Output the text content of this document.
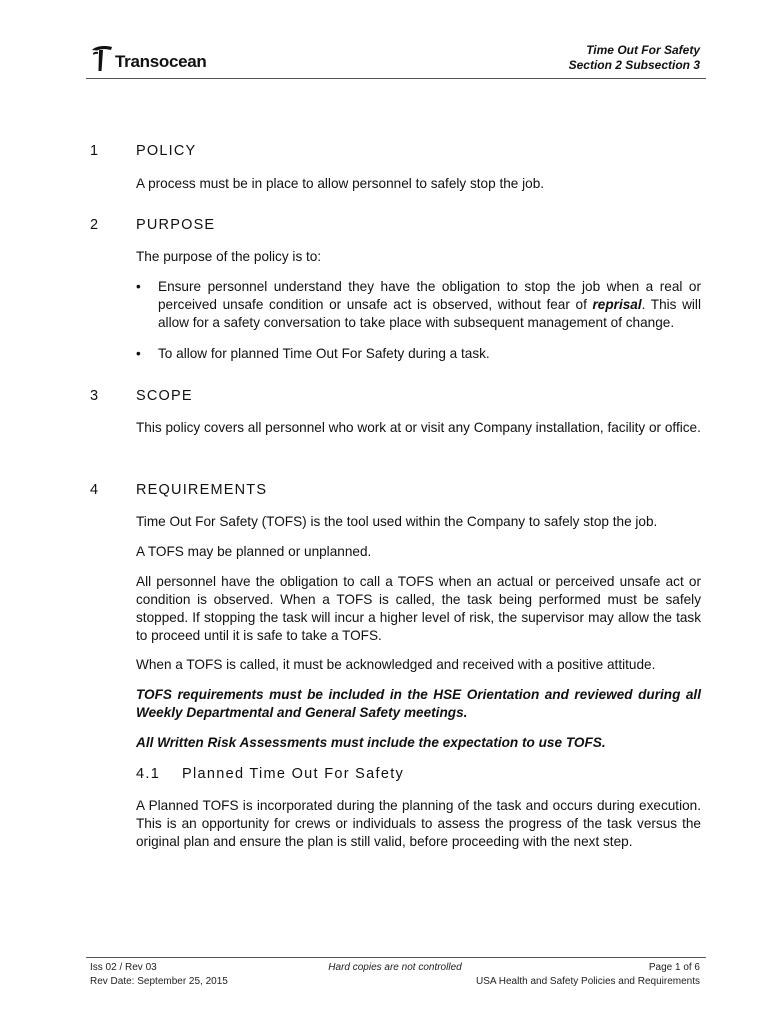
Transocean
Time Out For Safety
Section 2 Subsection 3
1	POLICY
A process must be in place to allow personnel to safely stop the job.
2	PURPOSE
The purpose of the policy is to:
• Ensure personnel understand they have the obligation to stop the job when a real or perceived unsafe condition or unsafe act is observed, without fear of reprisal. This will allow for a safety conversation to take place with subsequent management of change.
• To allow for planned Time Out For Safety during a task.
3	SCOPE
This policy covers all personnel who work at or visit any Company installation, facility or office.
4	REQUIREMENTS
Time Out For Safety (TOFS) is the tool used within the Company to safely stop the job.
A TOFS may be planned or unplanned.
All personnel have the obligation to call a TOFS when an actual or perceived unsafe act or condition is observed. When a TOFS is called, the task being performed must be safely stopped. If stopping the task will incur a higher level of risk, the supervisor may allow the task to proceed until it is safe to take a TOFS.
When a TOFS is called, it must be acknowledged and received with a positive attitude.
TOFS requirements must be included in the HSE Orientation and reviewed during all Weekly Departmental and General Safety meetings.
All Written Risk Assessments must include the expectation to use TOFS.
4.1 Planned Time Out For Safety
A Planned TOFS is incorporated during the planning of the task and occurs during execution. This is an opportunity for crews or individuals to assess the progress of the task versus the original plan and ensure the plan is still valid, before proceeding with the next step.
Iss 02 / Rev 03
Rev Date: September 25, 2015
Hard copies are not controlled	Page 1 of 6
USA Health and Safety Policies and Requirements
